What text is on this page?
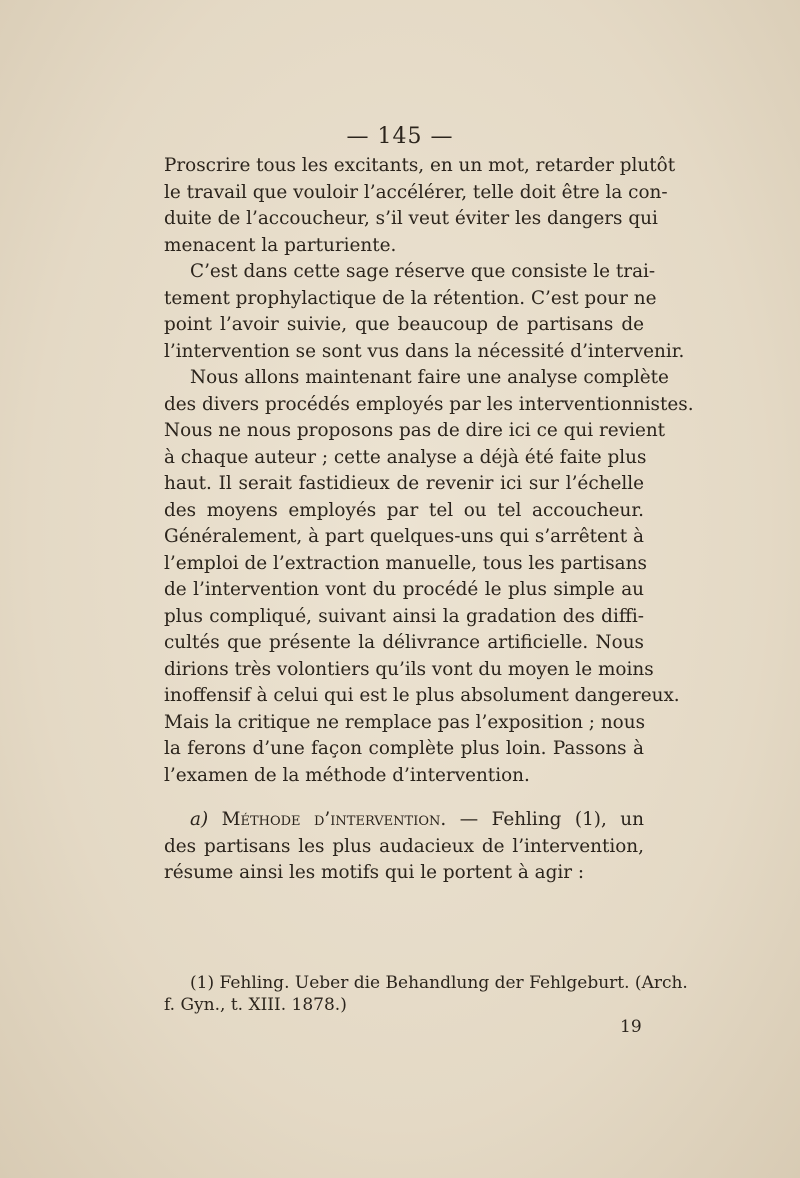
— 145 —
Proscrire tous les excitants, en un mot, retarder plutôt
le travail que vouloir l’accélérer, telle doit être la con-
duite de l’accoucheur, s’il veut éviter les dangers qui
menacent la parturiente.
C’est dans cette sage réserve que consiste le trai-
tement prophylactique de la rétention. C’est pour ne
point l’avoir suivie, que beaucoup de partisans de
l’intervention se sont vus dans la nécessité d’intervenir.
Nous allons maintenant faire une analyse complète
des divers procédés employés par les interventionnistes.
Nous ne nous proposons pas de dire ici ce qui revient
à chaque auteur ; cette analyse a déjà été faite plus
haut. Il serait fastidieux de revenir ici sur l’échelle
des moyens employés par tel ou tel accoucheur.
Généralement, à part quelques-uns qui s’arrêtent à
l’emploi de l’extraction manuelle, tous les partisans
de l’intervention vont du procédé le plus simple au
plus compliqué, suivant ainsi la gradation des diffi-
cultés que présente la délivrance artificielle. Nous
dirions très volontiers qu’ils vont du moyen le moins
inoffensif à celui qui est le plus absolument dangereux.
Mais la critique ne remplace pas l’exposition ; nous
la ferons d’une façon complète plus loin. Passons à
l’examen de la méthode d’intervention.
a) Méthode d’intervention. — Fehling (1), un
des partisans les plus audacieux de l’intervention,
résume ainsi les motifs qui le portent à agir :
(1) Fehling. Ueber die Behandlung der Fehlgeburt. (Arch.
f. Gyn., t. XIII. 1878.)
19
